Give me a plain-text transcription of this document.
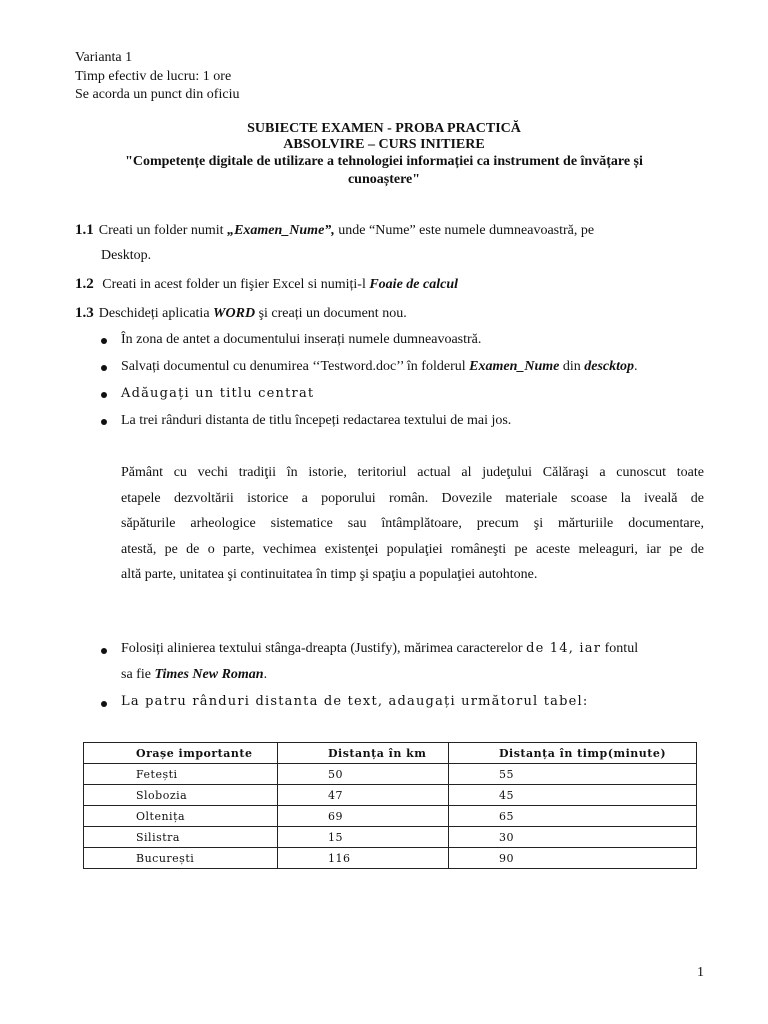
Varianta 1
Timp efectiv de lucru: 1 ore
Se acorda un punct din oficiu
SUBIECTE EXAMEN - PROBA PRACTICĂ
ABSOLVIRE – CURS INITIERE
"Competențe digitale de utilizare a tehnologiei informației ca instrument de învățare și
cunoaștere"
1.1 Creati un folder numit „Examen_Nume”, unde “Nume” este numele dumneavoastră, pe
Desktop.
1.2 Creati in acest folder un fişier Excel si numiți-l Foaie de calcul
1.3 Deschideți aplicatia WORD şi creați un document nou.
În zona de antet a documentului inserați numele dumneavoastră.
Salvați documentul cu denumirea ‘‘Testword.doc’’ în folderul Examen_Nume din descktop.
Adăugați un titlu centrat
La trei rânduri distanta de titlu începeți redactarea textului de mai jos.
Pământ cu vechi tradiţii în istorie, teritoriul actual al judeţului Călăraşi a cunoscut toate
etapele dezvoltării istorice a poporului român. Dovezile materiale scoase la iveală de
săpăturile arheologice sistematice sau întâmplătoare, precum şi mărturiile documentare,
atestă, pe de o parte, vechimea existenţei populaţiei româneşti pe aceste meleaguri, iar pe de
altă parte, unitatea şi continuitatea în timp şi spaţiu a populaţiei autohtone.
Folosiți alinierea textului stânga-dreapta (Justify), mărimea caracterelor de 14, iar fontul
sa fie Times New Roman.
La patru rânduri distanta de text, adaugați următorul tabel:
Orașe importante	Distanța în km	Distanța în timp(minute)
Fetești	50	55
Slobozia	47	45
Oltenița	69	65
Silistra	15	30
București	116	90
1
